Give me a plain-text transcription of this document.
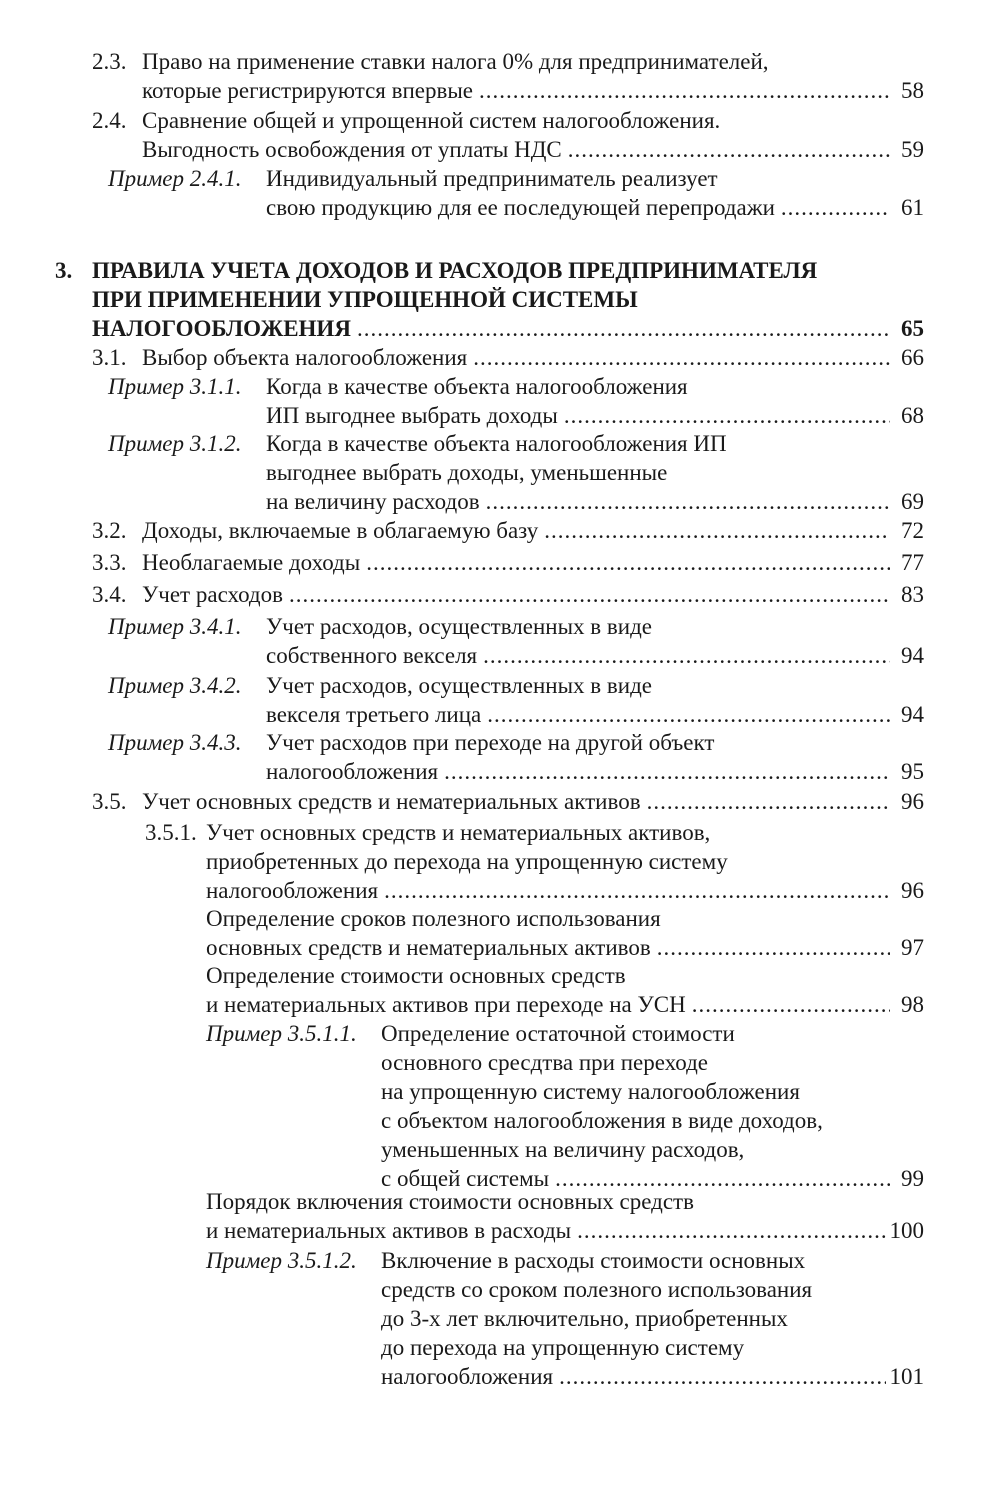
2.3. Право на применение ставки налога 0% для предпринимателей,
которые регистрируются впервые .....	58
2.4. Сравнение общей и упрощенной систем налогообложения.
Выгодность освобождения от уплаты НДС .....	59
Пример 2.4.1. Индивидуальный предприниматель реализует
свою продукцию для ее последующей перепродажи .....	61
3. ПРАВИЛА УЧЕТА ДОХОДОВ И РАСХОДОВ ПРЕДПРИНИМАТЕЛЯ
ПРИ ПРИМЕНЕНИИ УПРОЩЕННОЙ СИСТЕМЫ
НАЛОГООБЛОЖЕНИЯ .....	65
3.1. Выбор объекта налогообложения .....	66
Пример 3.1.1. Когда в качестве объекта налогообложения
ИП выгоднее выбрать доходы .....	68
Пример 3.1.2. Когда в качестве объекта налогообложения ИП
выгоднее выбрать доходы, уменьшенные
на величину расходов .....	69
3.2. Доходы, включаемые в облагаемую базу .....	72
3.3. Необлагаемые доходы .....	77
3.4. Учет расходов .....	83
Пример 3.4.1. Учет расходов, осуществленных в виде
собственного векселя .....	94
Пример 3.4.2. Учет расходов, осуществленных в виде
векселя третьего лица .....	94
Пример 3.4.3. Учет расходов при переходе на другой объект
налогообложения .....	95
3.5. Учет основных средств и нематериальных активов .....	96
3.5.1. Учет основных средств и нематериальных активов,
приобретенных до перехода на упрощенную систему
налогообложения .....	96
Определение сроков полезного использования
основных средств и нематериальных активов .....	97
Определение стоимости основных средств
и нематериальных активов при переходе на УСН .....	98
Пример 3.5.1.1. Определение остаточной стоимости
основного сресдтва при переходе
на упрощенную систему налогообложения
с объектом налогообложения в виде доходов,
уменьшенных на величину расходов,
с общей системы .....	99
Порядок включения стоимости основных средств
и нематериальных активов в расходы .....	100
Пример 3.5.1.2. Включение в расходы стоимости основных
средств со сроком полезного использования
до 3-х лет включительно, приобретенных
до перехода на упрощенную систему
налогообложения .....	101
